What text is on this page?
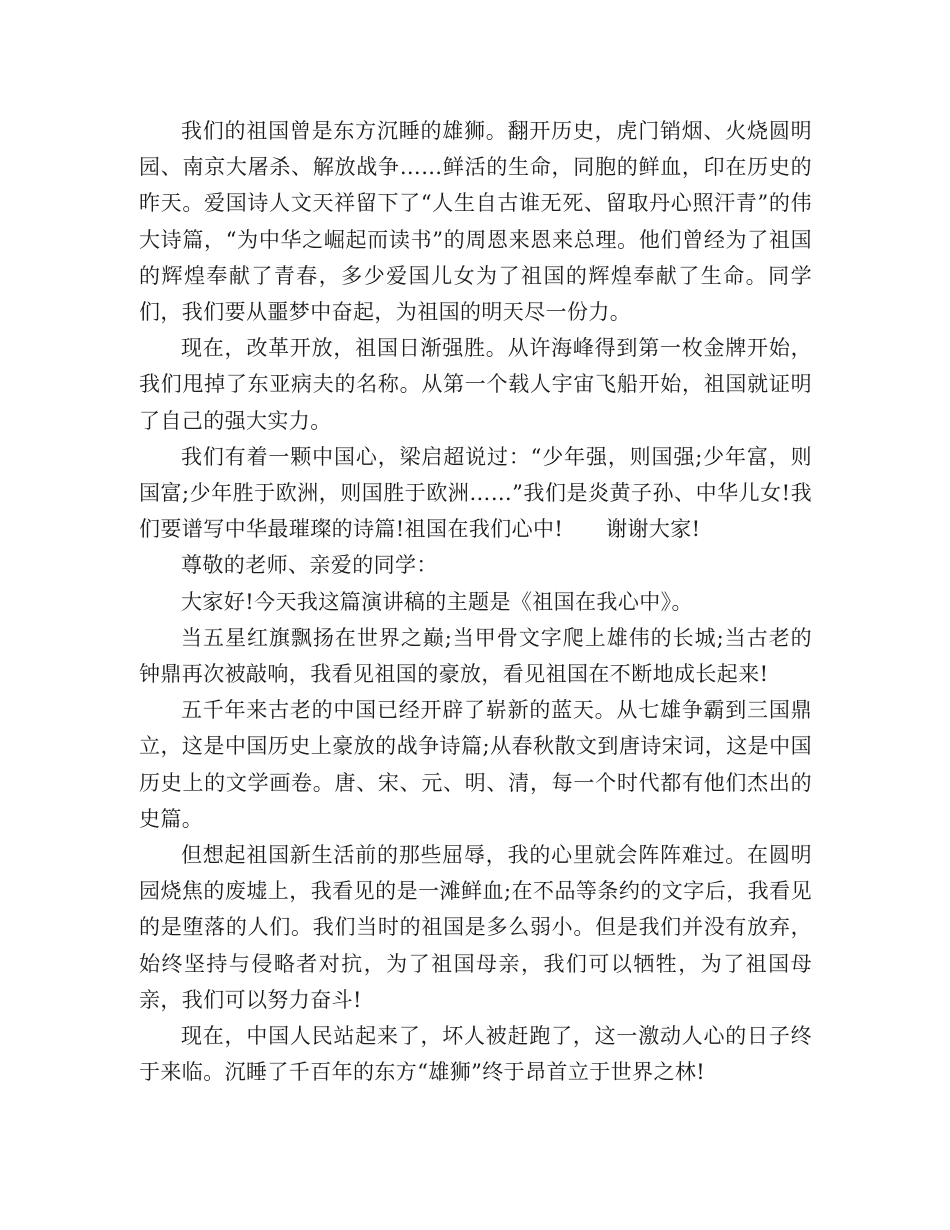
我们的祖国曾是东方沉睡的雄狮。翻开历史，虎门销烟、火烧圆明园、南京大屠杀、解放战争……鲜活的生命，同胞的鲜血，印在历史的昨天。爱国诗人文天祥留下了“人生自古谁无死、留取丹心照汗青”的伟大诗篇，“为中华之崛起而读书”的周恩来恩来总理。他们曾经为了祖国的辉煌奉献了青春，多少爱国儿女为了祖国的辉煌奉献了生命。同学们，我们要从噩梦中奋起，为祖国的明天尽一份力。

现在，改革开放，祖国日渐强胜。从许海峰得到第一枚金牌开始，我们甩掉了东亚病夫的名称。从第一个载人宇宙飞船开始，祖国就证明了自己的强大实力。

我们有着一颗中国心，梁启超说过：“少年强，则国强;少年富，则国富;少年胜于欧洲，则国胜于欧洲……”我们是炎黄子孙、中华儿女!我们要谱写中华最璀璨的诗篇!祖国在我们心中!　　谢谢大家!

尊敬的老师、亲爱的同学：

大家好!今天我这篇演讲稿的主题是《祖国在我心中》。

当五星红旗飘扬在世界之巅;当甲骨文字爬上雄伟的长城;当古老的钟鼎再次被敲响，我看见祖国的豪放，看见祖国在不断地成长起来!

五千年来古老的中国已经开辟了崭新的蓝天。从七雄争霸到三国鼎立，这是中国历史上豪放的战争诗篇;从春秋散文到唐诗宋词，这是中国历史上的文学画卷。唐、宋、元、明、清，每一个时代都有他们杰出的史篇。

但想起祖国新生活前的那些屈辱，我的心里就会阵阵难过。在圆明园烧焦的废墟上，我看见的是一滩鲜血;在不品等条约的文字后，我看见的是堕落的人们。我们当时的祖国是多么弱小。但是我们并没有放弃，始终坚持与侵略者对抗，为了祖国母亲，我们可以牺牲，为了祖国母亲，我们可以努力奋斗!

现在，中国人民站起来了，坏人被赶跑了，这一激动人心的日子终于来临。沉睡了千百年的东方“雄狮”终于昂首立于世界之林!
